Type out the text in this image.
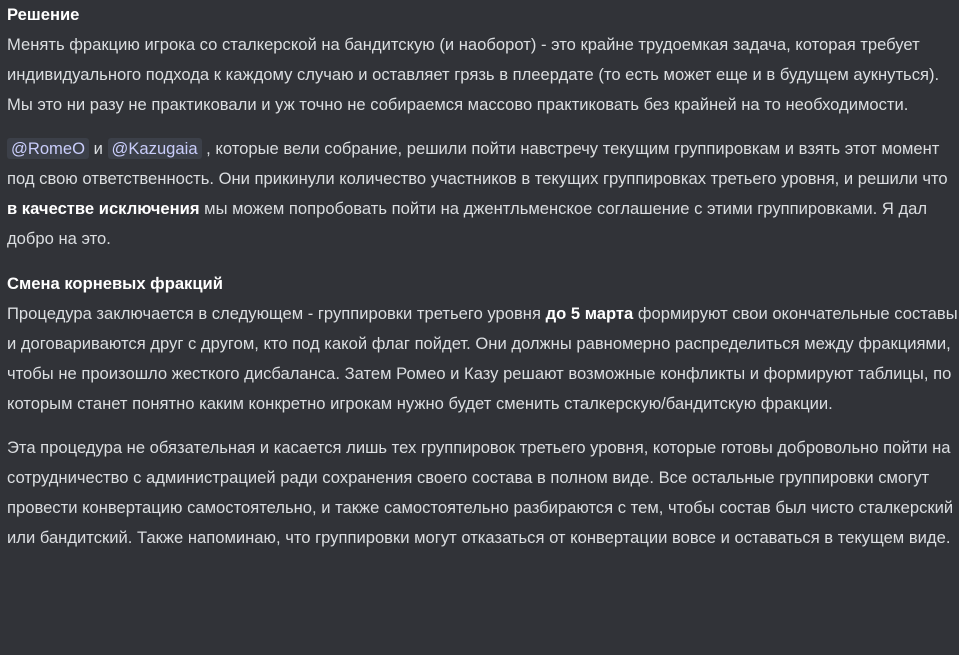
Решение

Менять фракцию игрока со сталкерской на бандитскую (и наоборот) - это крайне трудоемкая задача, которая требует индивидуального подхода к каждому случаю и оставляет грязь в плеердате (то есть может еще и в будущем аукнуться). Мы это ни разу не практиковали и уж точно не собираемся массово практиковать без крайней на то необходимости.

@RomeO и @Kazugaia , которые вели собрание, решили пойти навстречу текущим группировкам и взять этот момент под свою ответственность. Они прикинули количество участников в текущих группировках третьего уровня, и решили что в качестве исключения мы можем попробовать пойти на джентльменское соглашение с этими группировками. Я дал добро на это.

Смена корневых фракций

Процедура заключается в следующем - группировки третьего уровня до 5 марта формируют свои окончательные составы и договариваются друг с другом, кто под какой флаг пойдет. Они должны равномерно распределиться между фракциями, чтобы не произошло жесткого дисбаланса. Затем Ромео и Казу решают возможные конфликты и формируют таблицы, по которым станет понятно каким конкретно игрокам нужно будет сменить сталкерскую/бандитскую фракции.

Эта процедура не обязательная и касается лишь тех группировок третьего уровня, которые готовы добровольно пойти на сотрудничество с администрацией ради сохранения своего состава в полном виде. Все остальные группировки смогут провести конвертацию самостоятельно, и также самостоятельно разбираются с тем, чтобы состав был чисто сталкерский или бандитский. Также напоминаю, что группировки могут отказаться от конвертации вовсе и оставаться в текущем виде.
